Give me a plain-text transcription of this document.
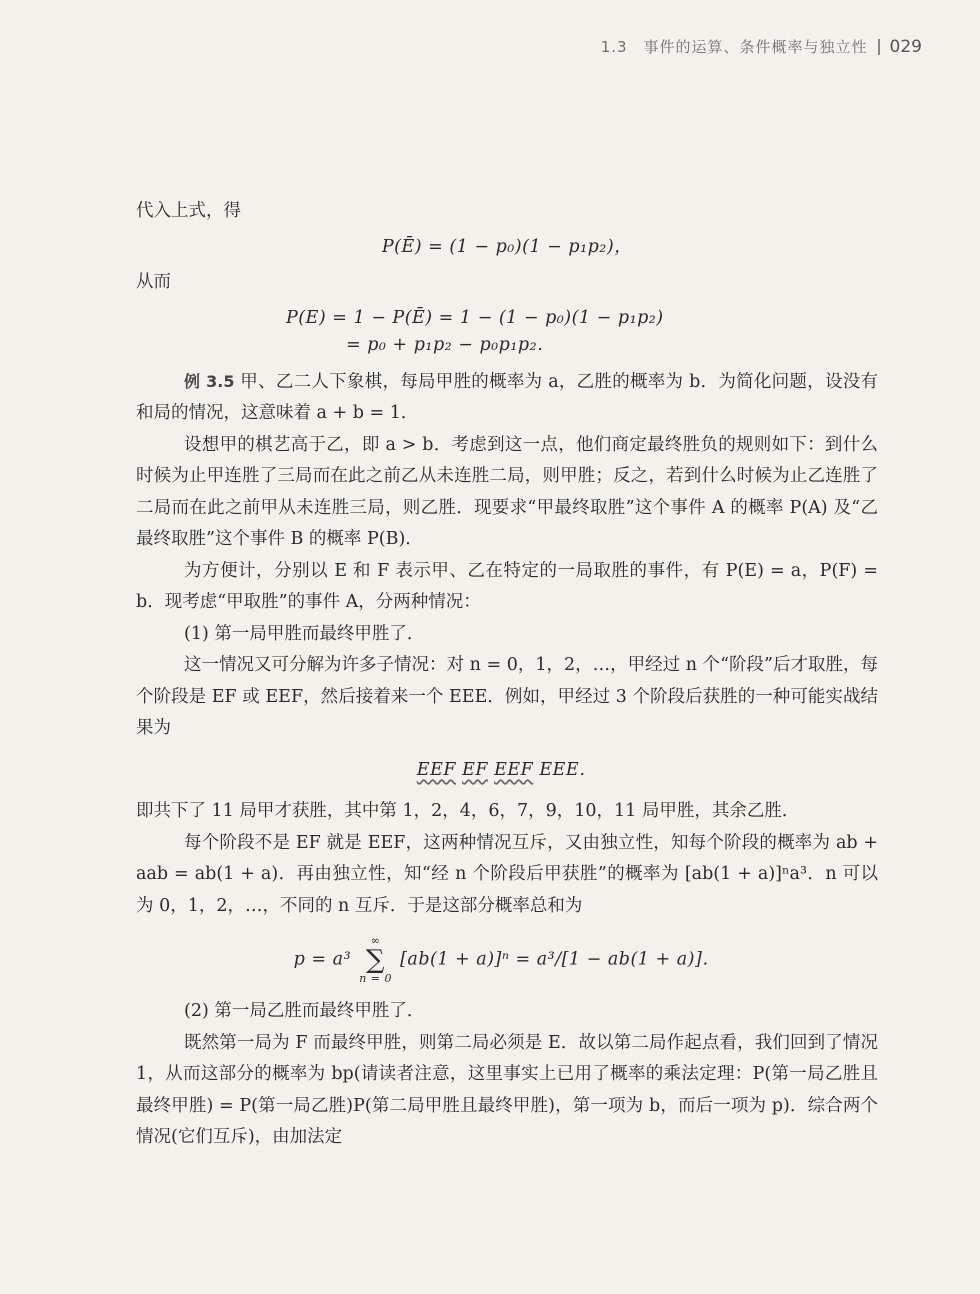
1.3　事件的运算、条件概率与独立性 029

代入上式，得

P(Ē) = (1 − p₀)(1 − p₁p₂)，

从而

P(E) = 1 − P(Ē) = 1 − (1 − p₀)(1 − p₁p₂)

= p₀ + p₁p₂ − p₀p₁p₂．

例 3.5 甲、乙二人下象棋，每局甲胜的概率为 a，乙胜的概率为 b．为简化问题，设没有和局的情况，这意味着 a + b = 1．

设想甲的棋艺高于乙，即 a > b．考虑到这一点，他们商定最终胜负的规则如下：到什么时候为止甲连胜了三局而在此之前乙从未连胜二局，则甲胜；反之，若到什么时候为止乙连胜了二局而在此之前甲从未连胜三局，则乙胜．现要求“甲最终取胜”这个事件 A 的概率 P(A) 及“乙最终取胜”这个事件 B 的概率 P(B)．

为方便计，分别以 E 和 F 表示甲、乙在特定的一局取胜的事件，有 P(E) = a，P(F) = b．现考虑“甲取胜”的事件 A，分两种情况：

(1) 第一局甲胜而最终甲胜了．

这一情况又可分解为许多子情况：对 n = 0，1，2，…，甲经过 n 个“阶段”后才取胜，每个阶段是 EF 或 EEF，然后接着来一个 EEE．例如，甲经过 3 个阶段后获胜的一种可能实战结果为

EEF EF EEF EEE．

即共下了 11 局甲才获胜，其中第 1，2，4，6，7，9，10，11 局甲胜，其余乙胜．

每个阶段不是 EF 就是 EEF，这两种情况互斥，又由独立性，知每个阶段的概率为 ab + aab = ab(1 + a)．再由独立性，知“经 n 个阶段后甲获胜”的概率为 [ab(1 + a)]ⁿa³．n 可以为 0，1，2，…，不同的 n 互斥．于是这部分概率总和为

p = a³
∞
∑
n = 0
[ab(1 + a)]ⁿ = a³/[1 − ab(1 + a)]．

(2) 第一局乙胜而最终甲胜了．

既然第一局为 F 而最终甲胜，则第二局必须是 E．故以第二局作起点看，我们回到了情况 1，从而这部分的概率为 bp(请读者注意，这里事实上已用了概率的乘法定理：P(第一局乙胜且最终甲胜) = P(第一局乙胜)P(第二局甲胜且最终甲胜)，第一项为 b，而后一项为 p)．综合两个情况(它们互斥)，由加法定
